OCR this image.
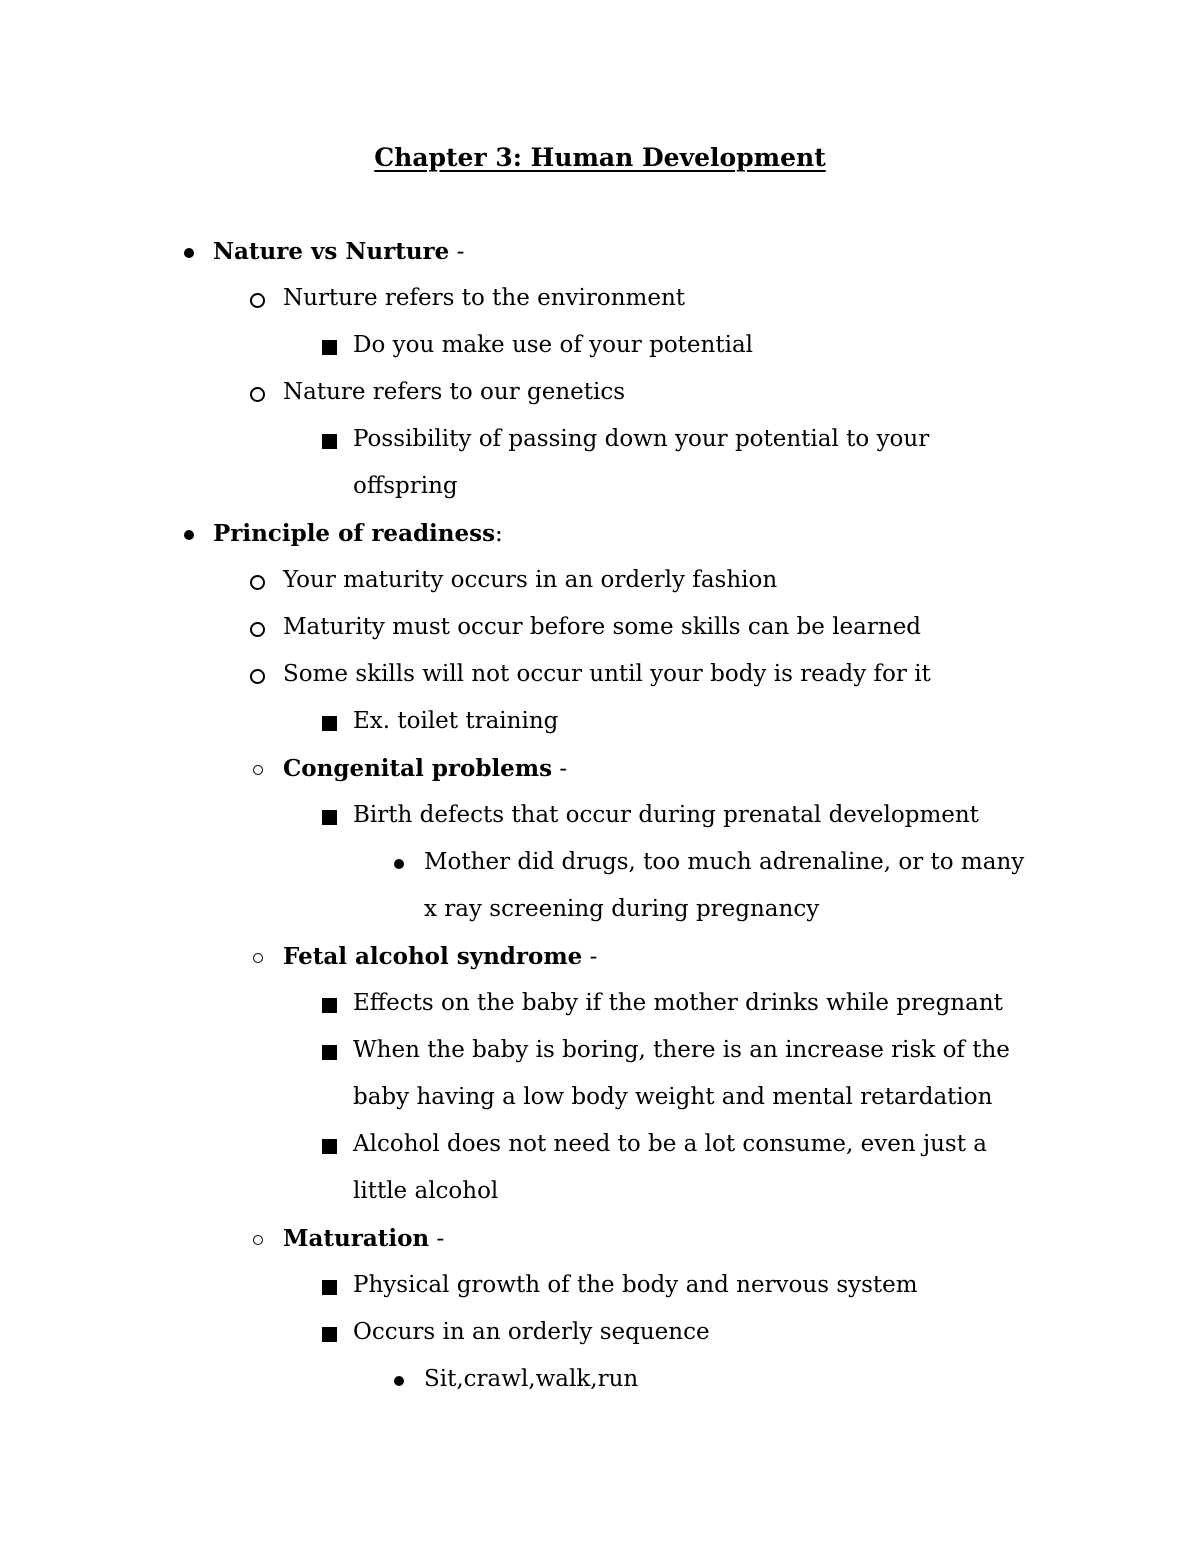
Chapter 3: Human Development
Nature vs Nurture -
Nurture refers to the environment
Do you make use of your potential
Nature refers to our genetics
Possibility of passing down your potential to your
offspring
Principle of readiness:
Your maturity occurs in an orderly fashion
Maturity must occur before some skills can be learned
Some skills will not occur until your body is ready for it
Ex. toilet training
Congenital problems -
Birth defects that occur during prenatal development
Mother did drugs, too much adrenaline, or to many
x ray screening during pregnancy
Fetal alcohol syndrome -
Effects on the baby if the mother drinks while pregnant
When the baby is boring, there is an increase risk of the
baby having a low body weight and mental retardation
Alcohol does not need to be a lot consume, even just a
little alcohol
Maturation -
Physical growth of the body and nervous system
Occurs in an orderly sequence
Sit,crawl,walk,run
